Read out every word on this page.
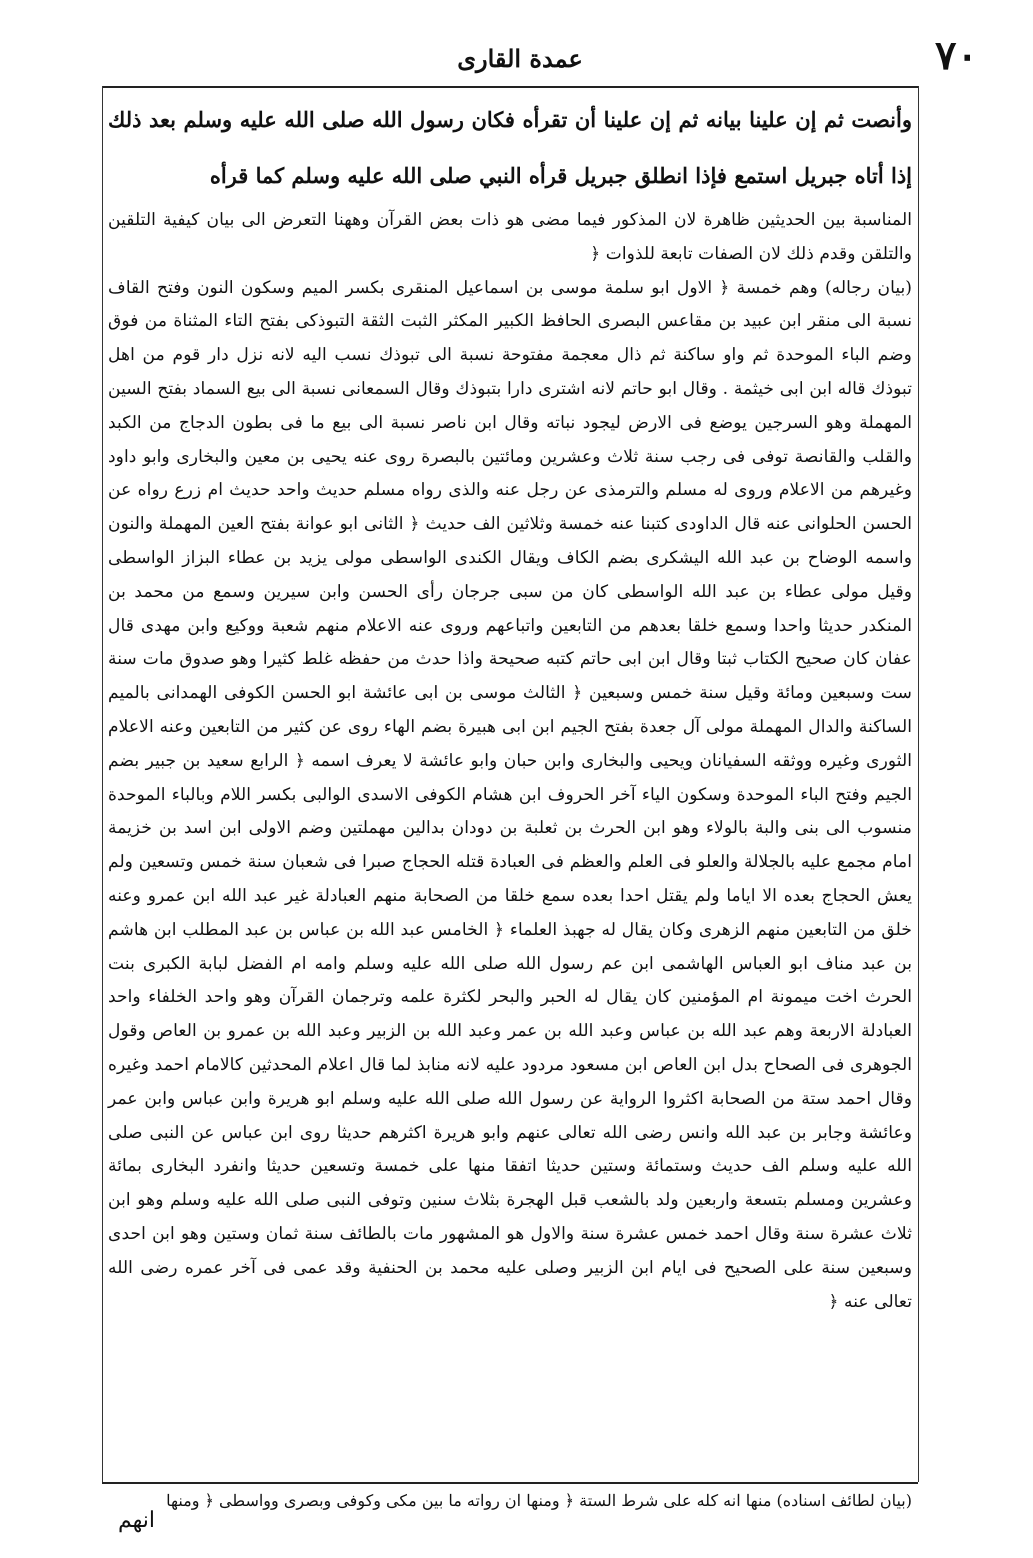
٧٠
عمدة القارى

وأنصت ثم إن علينا بيانه ثم إن علينا أن تقرأه فكان رسول الله صلى الله عليه وسلم بعد ذلك إذا أتاه جبريل استمع فإذا انطلق جبريل قرأه النبي صلى الله عليه وسلم كما قرأه

المناسبة بين الحديثين ظاهرة لان المذكور فيما مضى هو ذات بعض القرآن وههنا التعرض الى بيان كيفية التلقين والتلقن وقدم ذلك لان الصفات تابعة للذوات ﴿

(بيان رجاله) وهم خمسة ﴿ الاول ابو سلمة موسى بن اسماعيل المنقرى بكسر الميم وسكون النون وفتح القاف نسبة الى منقر ابن عبيد بن مقاعس البصرى الحافظ الكبير المكثر الثبت الثقة التبوذكى بفتح التاء المثناة من فوق وضم الباء الموحدة ثم واو ساكنة ثم ذال معجمة مفتوحة نسبة الى تبوذك نسب اليه لانه نزل دار قوم من اهل تبوذك قاله ابن ابى خيثمة . وقال ابو حاتم لانه اشترى دارا بتبوذك وقال السمعانى نسبة الى بيع السماد بفتح السين المهملة وهو السرجين يوضع فى الارض ليجود نباته وقال ابن ناصر نسبة الى بيع ما فى بطون الدجاج من الكبد والقلب والقانصة توفى فى رجب سنة ثلاث وعشرين ومائتين بالبصرة روى عنه يحيى بن معين والبخارى وابو داود وغيرهم من الاعلام وروى له مسلم والترمذى عن رجل عنه والذى رواه مسلم حديث واحد حديث ام زرع رواه عن الحسن الحلوانى عنه قال الداودى كتبنا عنه خمسة وثلاثين الف حديث ﴿ الثانى ابو عوانة بفتح العين المهملة والنون واسمه الوضاح بن عبد الله اليشكرى بضم الكاف ويقال الكندى الواسطى مولى يزيد بن عطاء البزاز الواسطى وقيل مولى عطاء بن عبد الله الواسطى كان من سبى جرجان رأى الحسن وابن سيرين وسمع من محمد بن المنكدر حديثا واحدا وسمع خلقا بعدهم من التابعين واتباعهم وروى عنه الاعلام منهم شعبة ووكيع وابن مهدى قال عفان كان صحيح الكتاب ثبتا وقال ابن ابى حاتم كتبه صحيحة واذا حدث من حفظه غلط كثيرا وهو صدوق مات سنة ست وسبعين ومائة وقيل سنة خمس وسبعين ﴿ الثالث موسى بن ابى عائشة ابو الحسن الكوفى الهمدانى بالميم الساكنة والدال المهملة مولى آل جعدة بفتح الجيم ابن ابى هبيرة بضم الهاء روى عن كثير من التابعين وعنه الاعلام الثورى وغيره ووثقه السفيانان ويحيى والبخارى وابن حبان وابو عائشة لا يعرف اسمه ﴿ الرابع سعيد بن جبير بضم الجيم وفتح الباء الموحدة وسكون الياء آخر الحروف ابن هشام الكوفى الاسدى الوالبى بكسر اللام وبالباء الموحدة منسوب الى بنى والبة بالولاء وهو ابن الحرث بن ثعلبة بن دودان بدالين مهملتين وضم الاولى ابن اسد بن خزيمة امام مجمع عليه بالجلالة والعلو فى العلم والعظم فى العبادة قتله الحجاج صبرا فى شعبان سنة خمس وتسعين ولم يعش الحجاج بعده الا اياما ولم يقتل احدا بعده سمع خلقا من الصحابة منهم العبادلة غير عبد الله ابن عمرو وعنه خلق من التابعين منهم الزهرى وكان يقال له جهبذ العلماء ﴿ الخامس عبد الله بن عباس بن عبد المطلب ابن هاشم بن عبد مناف ابو العباس الهاشمى ابن عم رسول الله صلى الله عليه وسلم وامه ام الفضل لبابة الكبرى بنت الحرث اخت ميمونة ام المؤمنين كان يقال له الحبر والبحر لكثرة علمه وترجمان القرآن وهو واحد الخلفاء واحد العبادلة الاربعة وهم عبد الله بن عباس وعبد الله بن عمر وعبد الله بن الزبير وعبد الله بن عمرو بن العاص وقول الجوهرى فى الصحاح بدل ابن العاص ابن مسعود مردود عليه لانه منابذ لما قال اعلام المحدثين كالامام احمد وغيره وقال احمد ستة من الصحابة اكثروا الرواية عن رسول الله صلى الله عليه وسلم ابو هريرة وابن عباس وابن عمر وعائشة وجابر بن عبد الله وانس رضى الله تعالى عنهم وابو هريرة اكثرهم حديثا روى ابن عباس عن النبى صلى الله عليه وسلم الف حديث وستمائة وستين حديثا اتفقا منها على خمسة وتسعين حديثا وانفرد البخارى بمائة وعشرين ومسلم بتسعة واربعين ولد بالشعب قبل الهجرة بثلاث سنين وتوفى النبى صلى الله عليه وسلم وهو ابن ثلاث عشرة سنة وقال احمد خمس عشرة سنة والاول هو المشهور مات بالطائف سنة ثمان وستين وهو ابن احدى وسبعين سنة على الصحيح فى ايام ابن الزبير وصلى عليه محمد بن الحنفية وقد عمى فى آخر عمره رضى الله تعالى عنه ﴿

(بيان لطائف اسناده) منها انه كله على شرط الستة ﴿ ومنها ان رواته ما بين مكى وكوفى وبصرى وواسطى ﴿ ومنها

انهم
